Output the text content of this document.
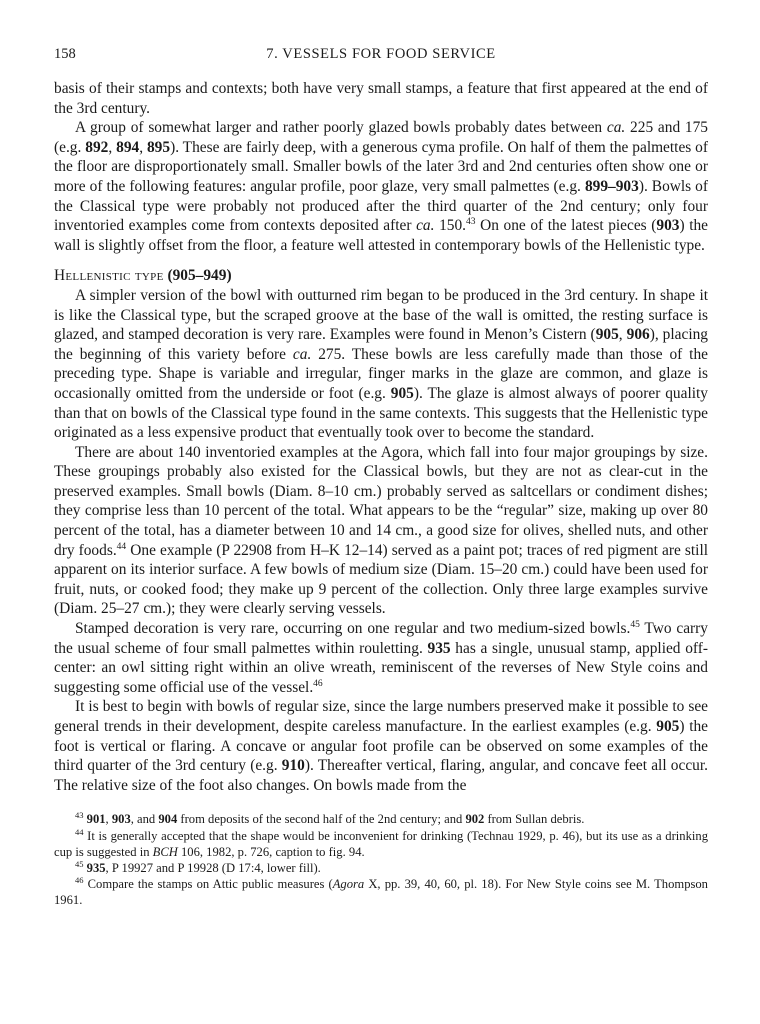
158	7. VESSELS FOR FOOD SERVICE

basis of their stamps and contexts; both have very small stamps, a feature that first appeared at the end of the 3rd century.

A group of somewhat larger and rather poorly glazed bowls probably dates between ca. 225 and 175 (e.g. 892, 894, 895). These are fairly deep, with a generous cyma profile. On half of them the palmettes of the floor are disproportionately small. Smaller bowls of the later 3rd and 2nd centuries often show one or more of the following features: angular profile, poor glaze, very small palmettes (e.g. 899–903). Bowls of the Classical type were probably not produced after the third quarter of the 2nd century; only four inventoried examples come from contexts deposited after ca. 150.43 On one of the latest pieces (903) the wall is slightly offset from the floor, a feature well attested in contemporary bowls of the Hellenistic type.

Hellenistic type (905–949)

A simpler version of the bowl with outturned rim began to be produced in the 3rd century. In shape it is like the Classical type, but the scraped groove at the base of the wall is omitted, the resting surface is glazed, and stamped decoration is very rare. Examples were found in Menon’s Cistern (905, 906), placing the beginning of this variety before ca. 275. These bowls are less carefully made than those of the preceding type. Shape is variable and irregular, finger marks in the glaze are common, and glaze is occasionally omitted from the underside or foot (e.g. 905). The glaze is almost always of poorer quality than that on bowls of the Classical type found in the same contexts. This suggests that the Hellenistic type originated as a less expensive product that eventually took over to become the standard.

There are about 140 inventoried examples at the Agora, which fall into four major groupings by size. These groupings probably also existed for the Classical bowls, but they are not as clear-cut in the preserved examples. Small bowls (Diam. 8–10 cm.) probably served as saltcellars or condiment dishes; they comprise less than 10 percent of the total. What appears to be the “regular” size, making up over 80 percent of the total, has a diameter between 10 and 14 cm., a good size for olives, shelled nuts, and other dry foods.$^{44}$ One example (P 22908 from H–K 12–14) served as a paint pot; traces of red pigment are still apparent on its interior surface. A few bowls of medium size (Diam. 15–20 cm.) could have been used for fruit, nuts, or cooked food; they make up 9 percent of the collection. Only three large examples survive (Diam. 25–27 cm.); they were clearly serving vessels.

Stamped decoration is very rare, occurring on one regular and two medium-sized bowls.$^{45}$ Two carry the usual scheme of four small palmettes within rouletting. 935 has a single, unusual stamp, applied off-center: an owl sitting right within an olive wreath, reminiscent of the reverses of New Style coins and suggesting some official use of the vessel.$^{46}$

It is best to begin with bowls of regular size, since the large numbers preserved make it possible to see general trends in their development, despite careless manufacture. In the earliest examples (e.g. 905) the foot is vertical or flaring. A concave or angular foot profile can be observed on some examples of the third quarter of the 3rd century (e.g. 910). Thereafter vertical, flaring, angular, and concave feet all occur. The relative size of the foot also changes. On bowls made from the

$^{43}$ 901, 903, and 904 from deposits of the second half of the 2nd century; and 902 from Sullan debris.

$^{44}$ It is generally accepted that the shape would be inconvenient for drinking (Technau 1929, p. 46), but its use as a drinking cup is suggested in BCH 106, 1982, p. 726, caption to fig. 94.

$^{45}$ 935, P 19927 and P 19928 (D 17:4, lower fill).

$^{46}$ Compare the stamps on Attic public measures (Agora X, pp. 39, 40, 60, pl. 18). For New Style coins see M. Thompson 1961.
